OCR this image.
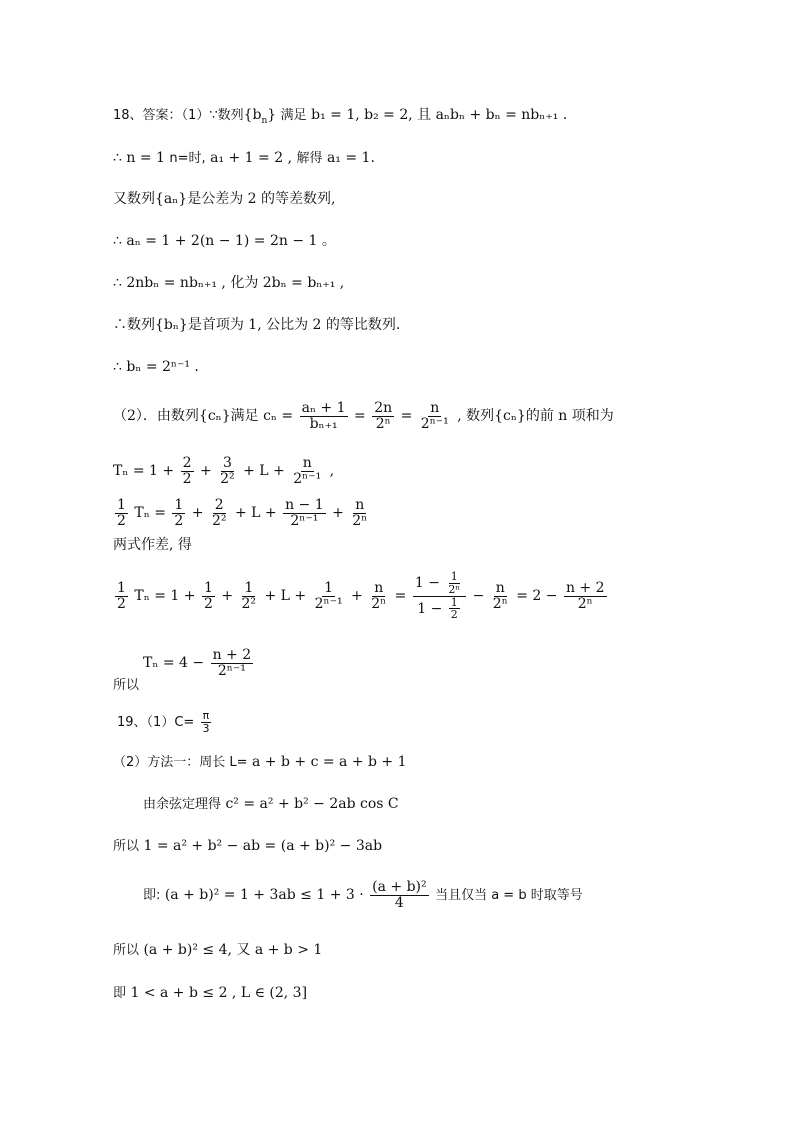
18、答案：（1）∵数列$\{b_n\}$ 满足 b₁ = 1, b₂ = 2, 且 aₙbₙ + bₙ = nbₙ₊₁ .
∴ n = 1 n=时, a₁ + 1 = 2 , 解得 a₁ = 1.
又数列{aₙ}是公差为 2 的等差数列,
∴ aₙ = 1 + 2(n − 1) = 2n − 1 。
∴ 2nbₙ = nbₙ₊₁ , 化为 2bₙ = bₙ₊₁ ,
∴数列{bₙ}是首项为 1, 公比为 2 的等比数列.
∴ bₙ = 2ⁿ⁻¹ .
（2）．由数列{cₙ}满足 $c_n = \frac{\text{aₙ + 1}}{\text{bₙ₊₁}} = \frac{2n}{\text{2ⁿ}} = \frac{n}{\text{2ⁿ⁻¹}}$ , 数列{cₙ}的前 n 项和为
$T_n = 1 + \frac{2}{2} + \frac{3}{\text{2²}} + L + \frac{n}{\text{2ⁿ⁻¹}}$ ,
$\frac{1}{2}$ $T_n = \frac{1}{2} + \frac{2}{\text{2²}} + L + \frac{n - 1}{\text{2ⁿ⁻¹}} + \frac{n}{\text{2ⁿ}}$
两式作差, 得
$\frac{1}{2}$ $T_n = 1 + \frac{1}{2} + \frac{1}{\text{2²}} + L + \frac{1}{\text{2ⁿ⁻¹}} + \frac{n}{\text{2ⁿ}} = \frac{1 - \frac{1}{\text{2ⁿ}}}{1 - \frac{1}{2}} - \frac{n}{\text{2ⁿ}} = 2 - \frac{n + 2}{\text{2ⁿ}}$
$T_n = 4 - \frac{n + 2}{\text{2ⁿ⁻¹}}$
所以
19、$(1)C= \frac{\pi}{3}$
（2）方法一：周长 L= a + b + c = a + b + 1
由余弦定理得 c² = a² + b² − 2ab cos C
所以 1 = a² + b² − ab = (a + b)² − 3ab
即: $(a + b)^2 = 1 + 3ab \le 1 + 3 \cdot \frac{\text{(a + b)²}}{4}$ 当且仅当 a = b 时取等号
所以 (a + b)² ≤ 4, 又 a + b > 1
即 1 < a + b ≤ 2 , L ∈ (2, 3]
